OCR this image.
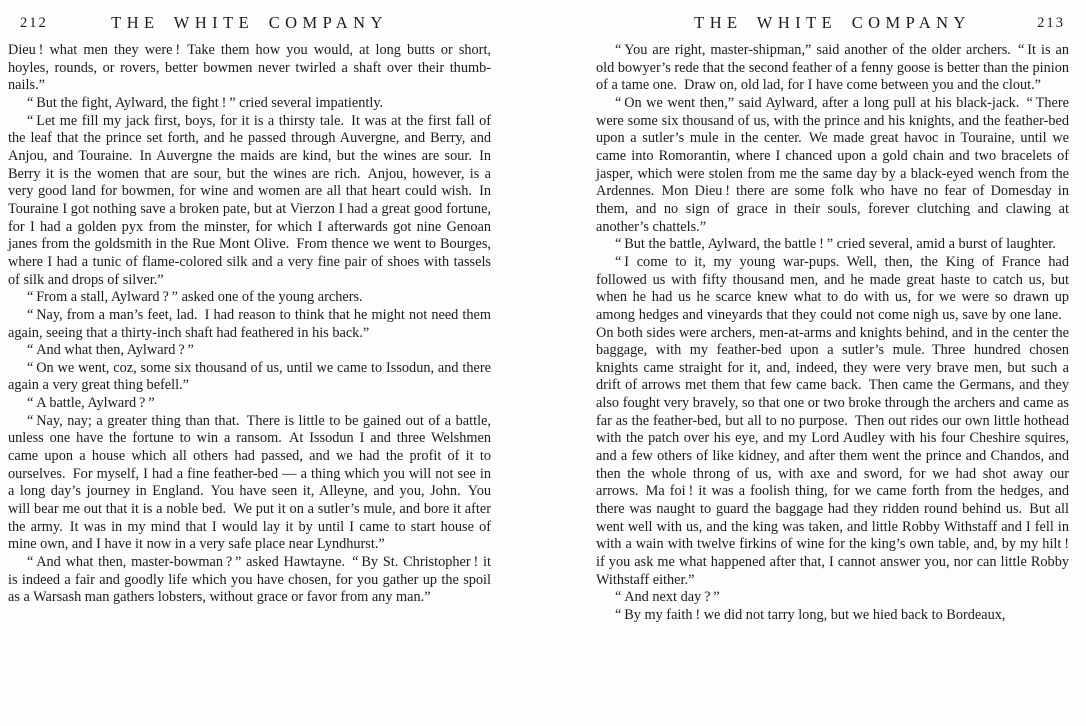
212	THE WHITE COMPANY

Dieu ! what men they were ! Take them how you would, at long butts or short, hoyles, rounds, or rovers, better bowmen never twirled a shaft over their thumb-nails.”

“ But the fight, Aylward, the fight ! ” cried several impatiently.

“ Let me fill my jack first, boys, for it is a thirsty tale. It was at the first fall of the leaf that the prince set forth, and he passed through Auvergne, and Berry, and Anjou, and Touraine. In Auvergne the maids are kind, but the wines are sour. In Berry it is the women that are sour, but the wines are rich. Anjou, however, is a very good land for bowmen, for wine and women are all that heart could wish. In Touraine I got nothing save a broken pate, but at Vierzon I had a great good fortune, for I had a golden pyx from the minster, for which I afterwards got nine Genoan janes from the goldsmith in the Rue Mont Olive. From thence we went to Bourges, where I had a tunic of flame-colored silk and a very fine pair of shoes with tassels of silk and drops of silver.”

“ From a stall, Aylward ? ” asked one of the young archers.

“ Nay, from a man’s feet, lad. I had reason to think that he might not need them again, seeing that a thirty-inch shaft had feathered in his back.”

“ And what then, Aylward ? ”

“ On we went, coz, some six thousand of us, until we came to Issodun, and there again a very great thing befell.”

“ A battle, Aylward ? ”

“ Nay, nay; a greater thing than that. There is little to be gained out of a battle, unless one have the fortune to win a ransom. At Issodun I and three Welshmen came upon a house which all others had passed, and we had the profit of it to ourselves. For myself, I had a fine feather-bed — a thing which you will not see in a long day’s journey in England. You have seen it, Alleyne, and you, John. You will bear me out that it is a noble bed. We put it on a sutler’s mule, and bore it after the army. It was in my mind that I would lay it by until I came to start house of mine own, and I have it now in a very safe place near Lyndhurst.”

“ And what then, master-bowman ? ” asked Hawtayne. “ By St. Christopher ! it is indeed a fair and goodly life which you have chosen, for you gather up the spoil as a Warsash man gathers lobsters, without grace or favor from any man.”

THE WHITE COMPANY	213

“ You are right, master-shipman,” said another of the older archers. “ It is an old bowyer’s rede that the second feather of a fenny goose is better than the pinion of a tame one. Draw on, old lad, for I have come between you and the clout.”

“ On we went then,” said Aylward, after a long pull at his black-jack. “ There were some six thousand of us, with the prince and his knights, and the feather-bed upon a sutler’s mule in the center. We made great havoc in Touraine, until we came into Romorantin, where I chanced upon a gold chain and two bracelets of jasper, which were stolen from me the same day by a black-eyed wench from the Ardennes. Mon Dieu ! there are some folk who have no fear of Domesday in them, and no sign of grace in their souls, forever clutching and clawing at another’s chattels.”

“ But the battle, Aylward, the battle ! ” cried several, amid a burst of laughter.

“ I come to it, my young war-pups. Well, then, the King of France had followed us with fifty thousand men, and he made great haste to catch us, but when he had us he scarce knew what to do with us, for we were so drawn up among hedges and vineyards that they could not come nigh us, save by one lane. On both sides were archers, men-at-arms and knights behind, and in the center the baggage, with my feather-bed upon a sutler’s mule. Three hundred chosen knights came straight for it, and, indeed, they were very brave men, but such a drift of arrows met them that few came back. Then came the Germans, and they also fought very bravely, so that one or two broke through the archers and came as far as the feather-bed, but all to no purpose. Then out rides our own little hothead with the patch over his eye, and my Lord Audley with his four Cheshire squires, and a few others of like kidney, and after them went the prince and Chandos, and then the whole throng of us, with axe and sword, for we had shot away our arrows. Ma foi ! it was a foolish thing, for we came forth from the hedges, and there was naught to guard the baggage had they ridden round behind us. But all went well with us, and the king was taken, and little Robby Withstaff and I fell in with a wain with twelve firkins of wine for the king’s own table, and, by my hilt ! if you ask me what happened after that, I cannot answer you, nor can little Robby Withstaff either.”

“ And next day ? ”

“ By my faith ! we did not tarry long, but we hied back to Bordeaux,
